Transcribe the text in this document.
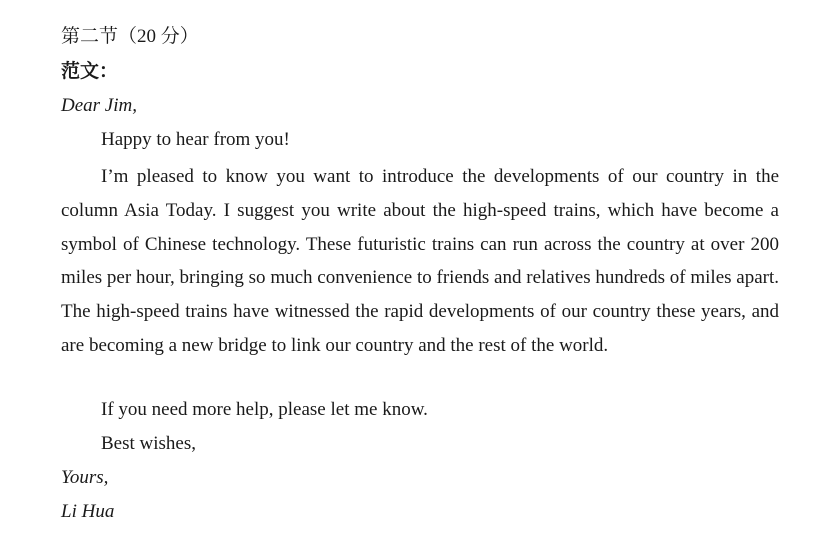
第二节（20 分）
范文：
Dear Jim,
Happy to hear from you!
I’m pleased to know you want to introduce the developments of our country in the column Asia Today. I suggest you write about the high-speed trains, which have become a symbol of Chinese technology. These futuristic trains can run across the country at over 200 miles per hour, bringing so much convenience to friends and relatives hundreds of miles apart. The high-speed trains have witnessed the rapid developments of our country these years, and are becoming a new bridge to link our country and the rest of the world.
If you need more help, please let me know.
Best wishes,
Yours,
Li Hua
